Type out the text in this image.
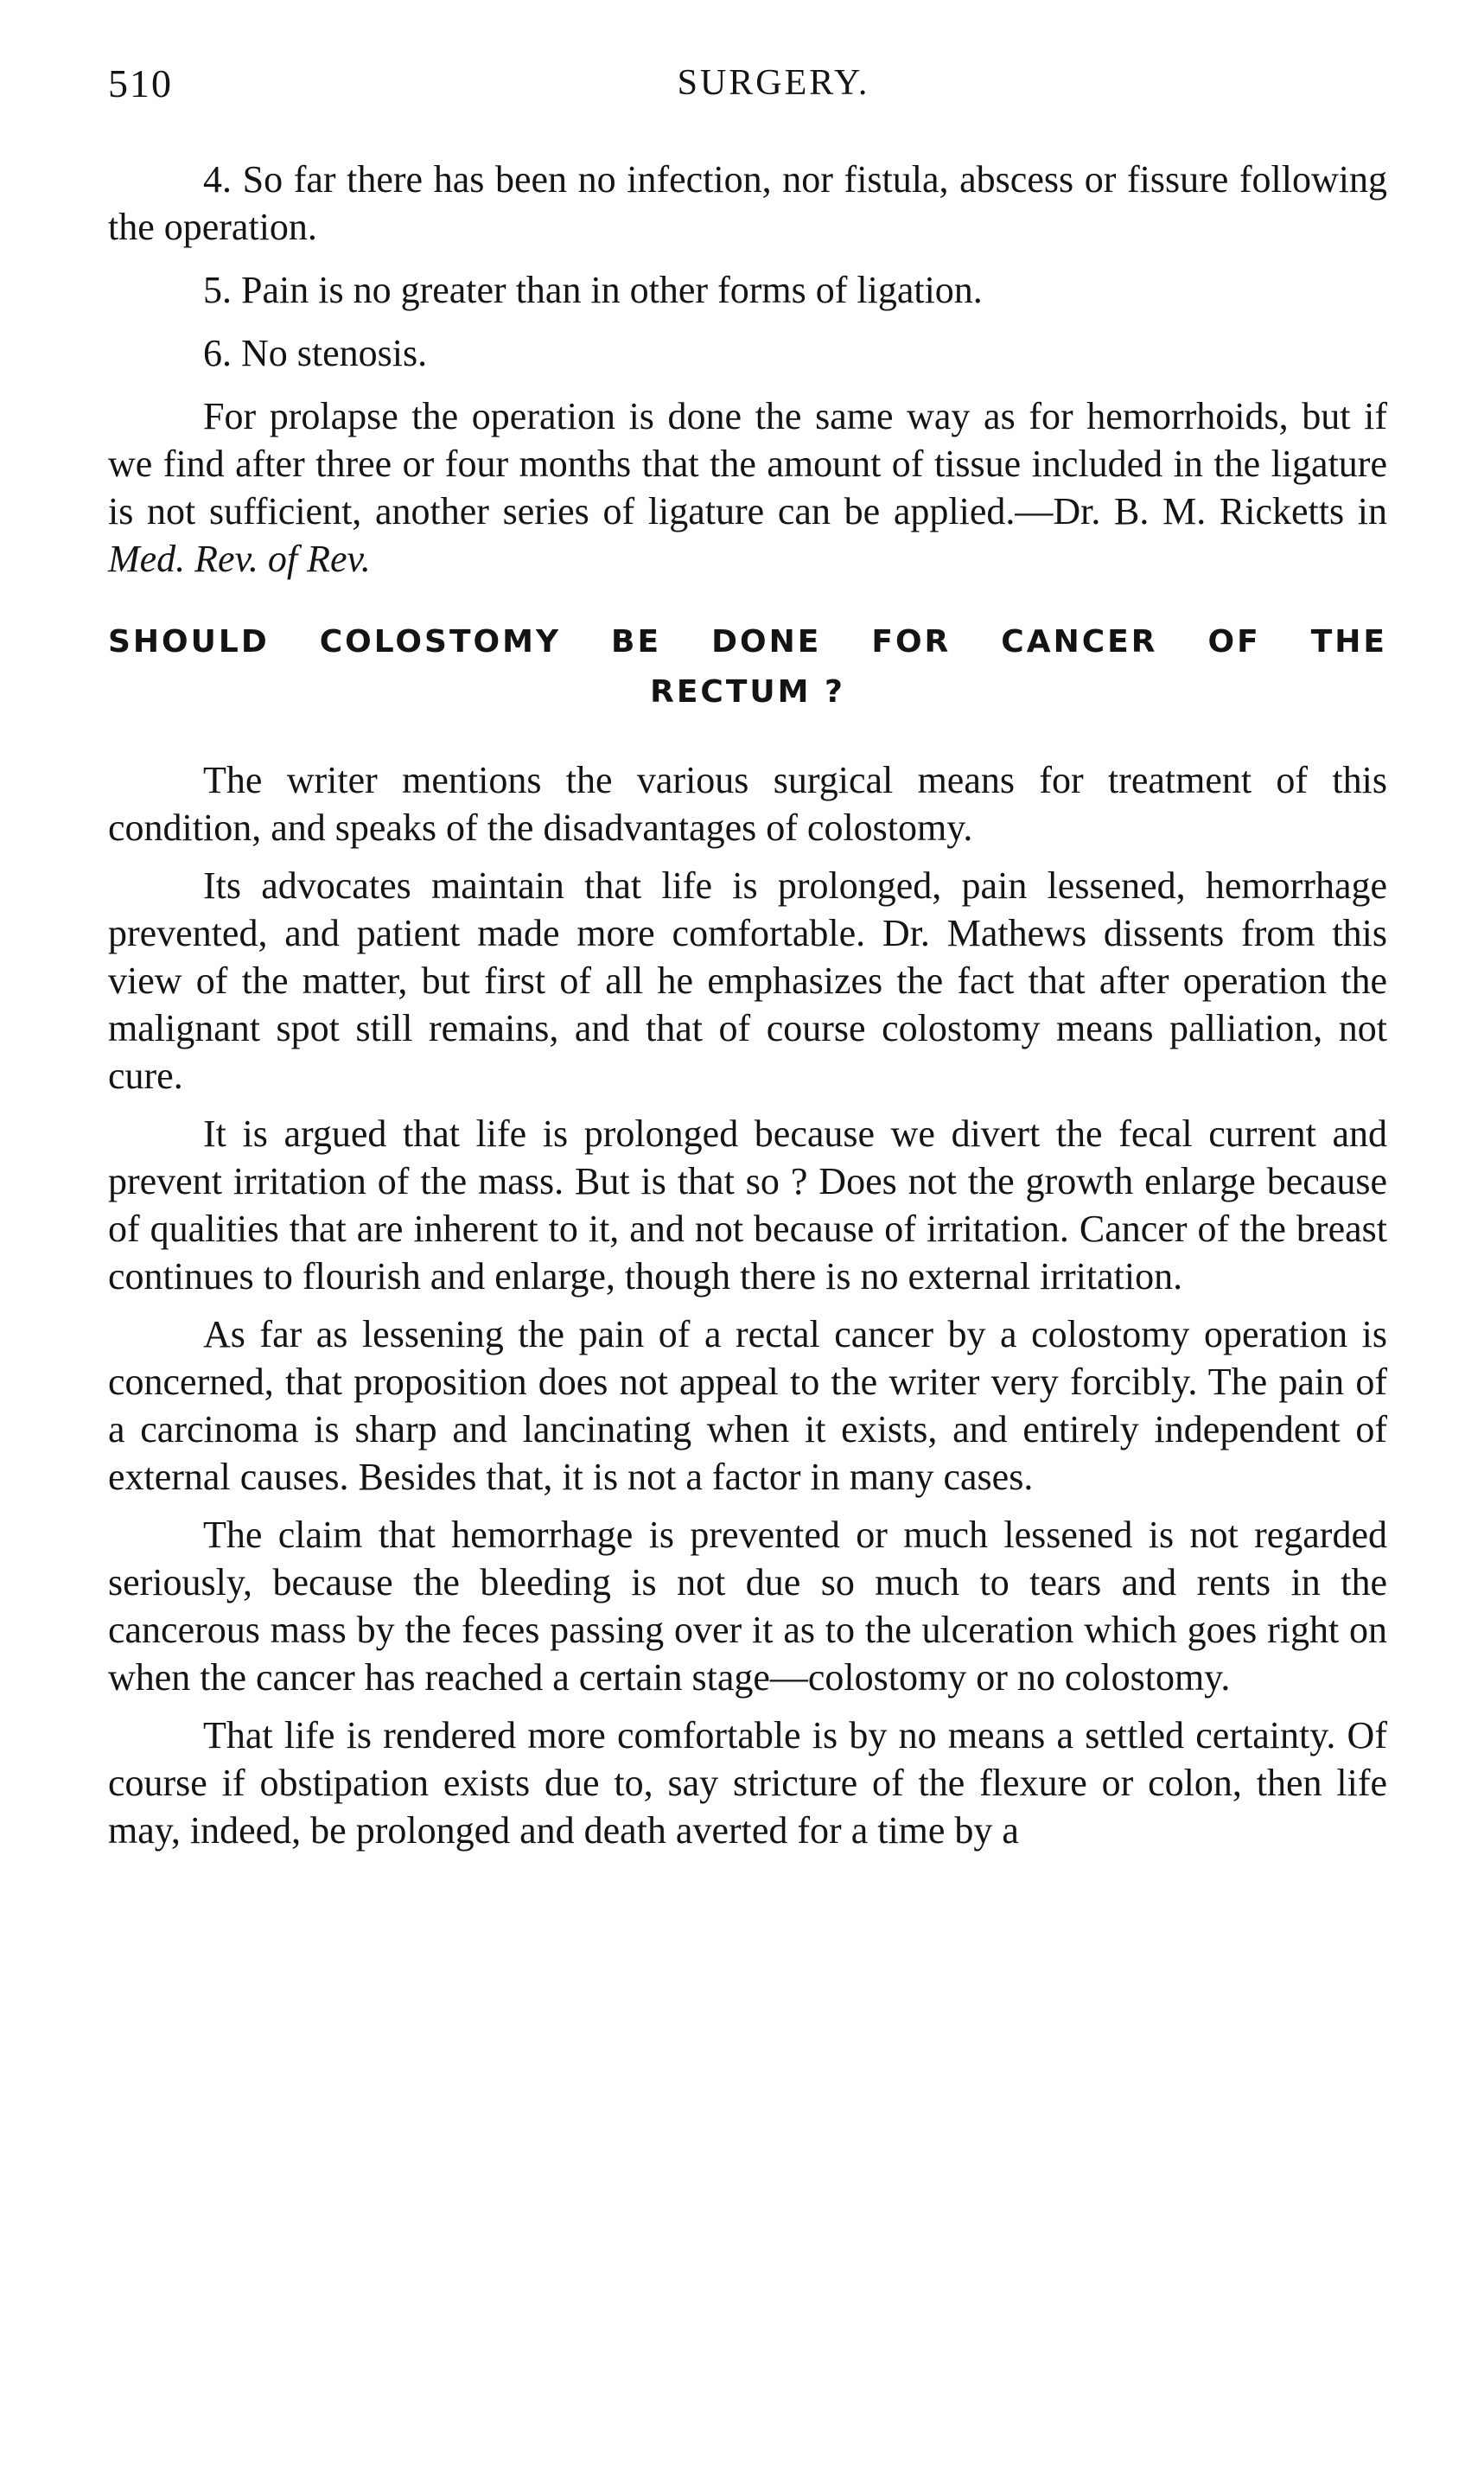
510	SURGERY.

4. So far there has been no infection, nor fistula, abscess or fissure following the operation.

5. Pain is no greater than in other forms of ligation.

6. No stenosis.

For prolapse the operation is done the same way as for hemorrhoids, but if we find after three or four months that the amount of tissue included in the ligature is not sufficient, another series of ligature can be applied.—Dr. B. M. Ricketts in Med. Rev. of Rev.

SHOULD COLOSTOMY BE DONE FOR CANCER OF THE
RECTUM ?

The writer mentions the various surgical means for treatment of this condition, and speaks of the disadvantages of colostomy.

Its advocates maintain that life is prolonged, pain lessened, hemorrhage prevented, and patient made more comfortable. Dr. Mathews dissents from this view of the matter, but first of all he emphasizes the fact that after operation the malignant spot still remains, and that of course colostomy means palliation, not cure.

It is argued that life is prolonged because we divert the fecal current and prevent irritation of the mass. But is that so ? Does not the growth enlarge because of qualities that are inherent to it, and not because of irritation. Cancer of the breast continues to flourish and enlarge, though there is no external irritation.

As far as lessening the pain of a rectal cancer by a colostomy operation is concerned, that proposition does not appeal to the writer very forcibly. The pain of a carcinoma is sharp and lancinating when it exists, and entirely independent of external causes. Besides that, it is not a factor in many cases.

The claim that hemorrhage is prevented or much lessened is not regarded seriously, because the bleeding is not due so much to tears and rents in the cancerous mass by the feces passing over it as to the ulceration which goes right on when the cancer has reached a certain stage—colostomy or no colostomy.

That life is rendered more comfortable is by no means a settled certainty. Of course if obstipation exists due to, say stricture of the flexure or colon, then life may, indeed, be prolonged and death averted for a time by a
